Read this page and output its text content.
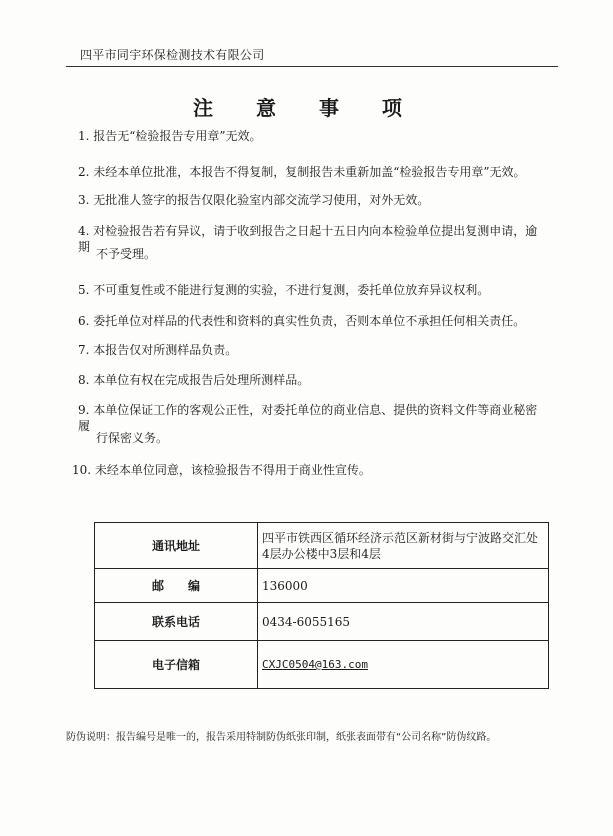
四平市同宇环保检测技术有限公司
注 意 事 项
1. 报告无“检验报告专用章”无效。
2. 未经本单位批准，本报告不得复制，复制报告未重新加盖“检验报告专用章”无效。
3. 无批准人签字的报告仅限化验室内部交流学习使用，对外无效。
4. 对检验报告若有异议，请于收到报告之日起十五日内向本检验单位提出复测申请，逾期 不予受理。
5. 不可重复性或不能进行复测的实验，不进行复测，委托单位放弃异议权利。
6. 委托单位对样品的代表性和资料的真实性负责，否则本单位不承担任何相关责任。
7. 本报告仅对所测样品负责。
8. 本单位有权在完成报告后处理所测样品。
9. 本单位保证工作的客观公正性，对委托单位的商业信息、提供的资料文件等商业秘密履
行保密义务。
10. 未经本单位同意，该检验报告不得用于商业性宣传。
通讯地址	四平市铁西区循环经济示范区新材街与宁波路交汇处4层办公楼中3层和4层
邮　　编	136000
联系电话	0434-6055165
电子信箱	CXJC0504@163.com
防伪说明：报告编号是唯一的，报告采用特制防伪纸张印制，纸张表面带有“公司名称”防伪纹路。
